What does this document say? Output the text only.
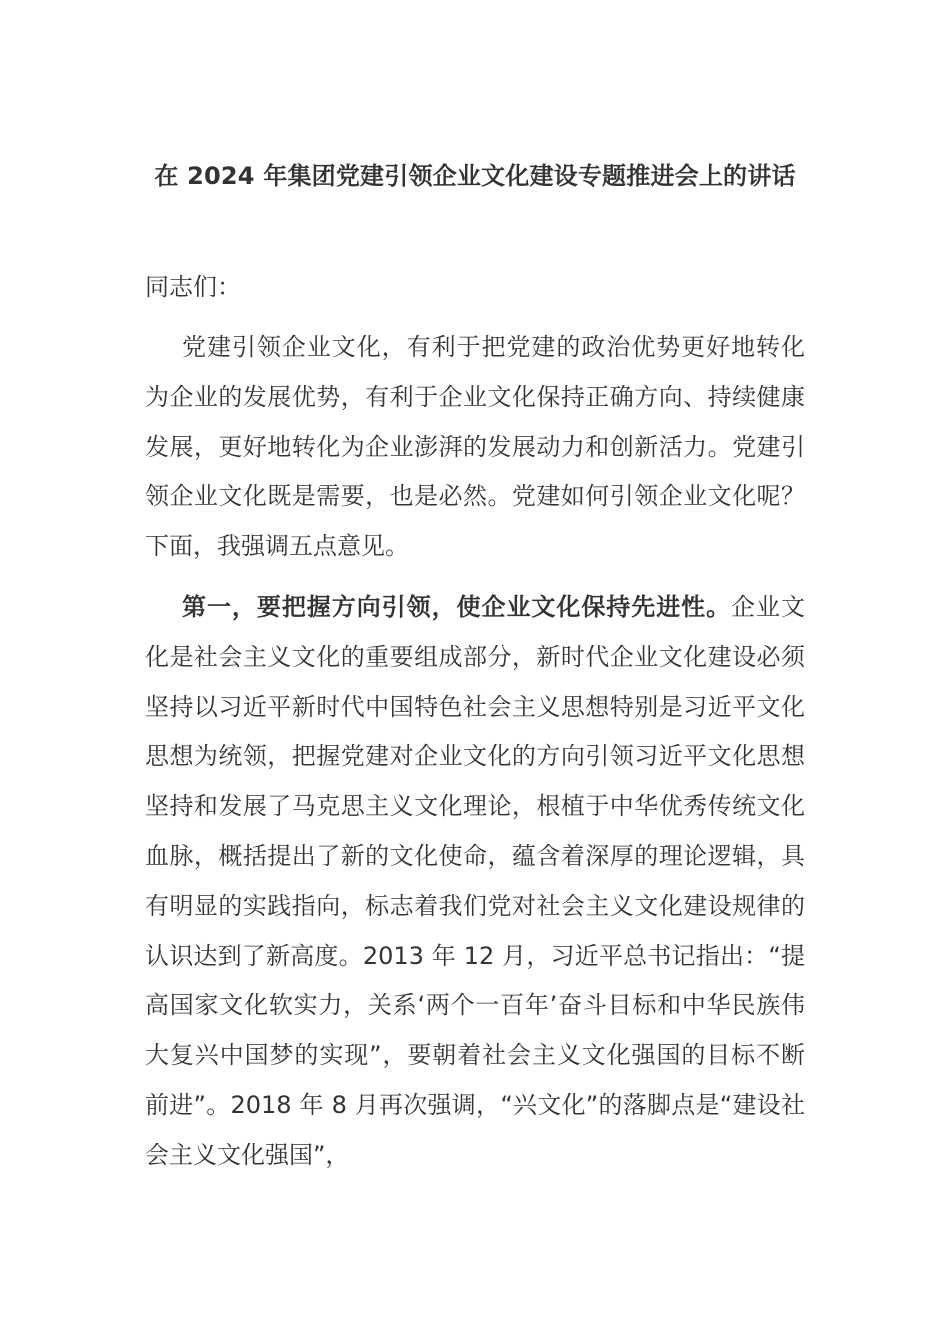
在 2024 年集团党建引领企业文化建设专题推进会上的讲话

同志们：

党建引领企业文化，有利于把党建的政治优势更好地转化为企业的发展优势，有利于企业文化保持正确方向、持续健康发展，更好地转化为企业澎湃的发展动力和创新活力。党建引领企业文化既是需要，也是必然。党建如何引领企业文化呢？下面，我强调五点意见。

第一，要把握方向引领，使企业文化保持先进性。企业文化是社会主义文化的重要组成部分，新时代企业文化建设必须坚持以习近平新时代中国特色社会主义思想特别是习近平文化思想为统领，把握党建对企业文化的方向引领习近平文化思想坚持和发展了马克思主义文化理论，根植于中华优秀传统文化血脉，概括提出了新的文化使命，蕴含着深厚的理论逻辑，具有明显的实践指向，标志着我们党对社会主义文化建设规律的认识达到了新高度。2013 年 12 月，习近平总书记指出：“提高国家文化软实力，关系‘两个一百年’奋斗目标和中华民族伟大复兴中国梦的实现”，要朝着社会主义文化强国的目标不断前进”。2018 年 8 月再次强调，“兴文化”的落脚点是“建设社会主义文化强国”，
